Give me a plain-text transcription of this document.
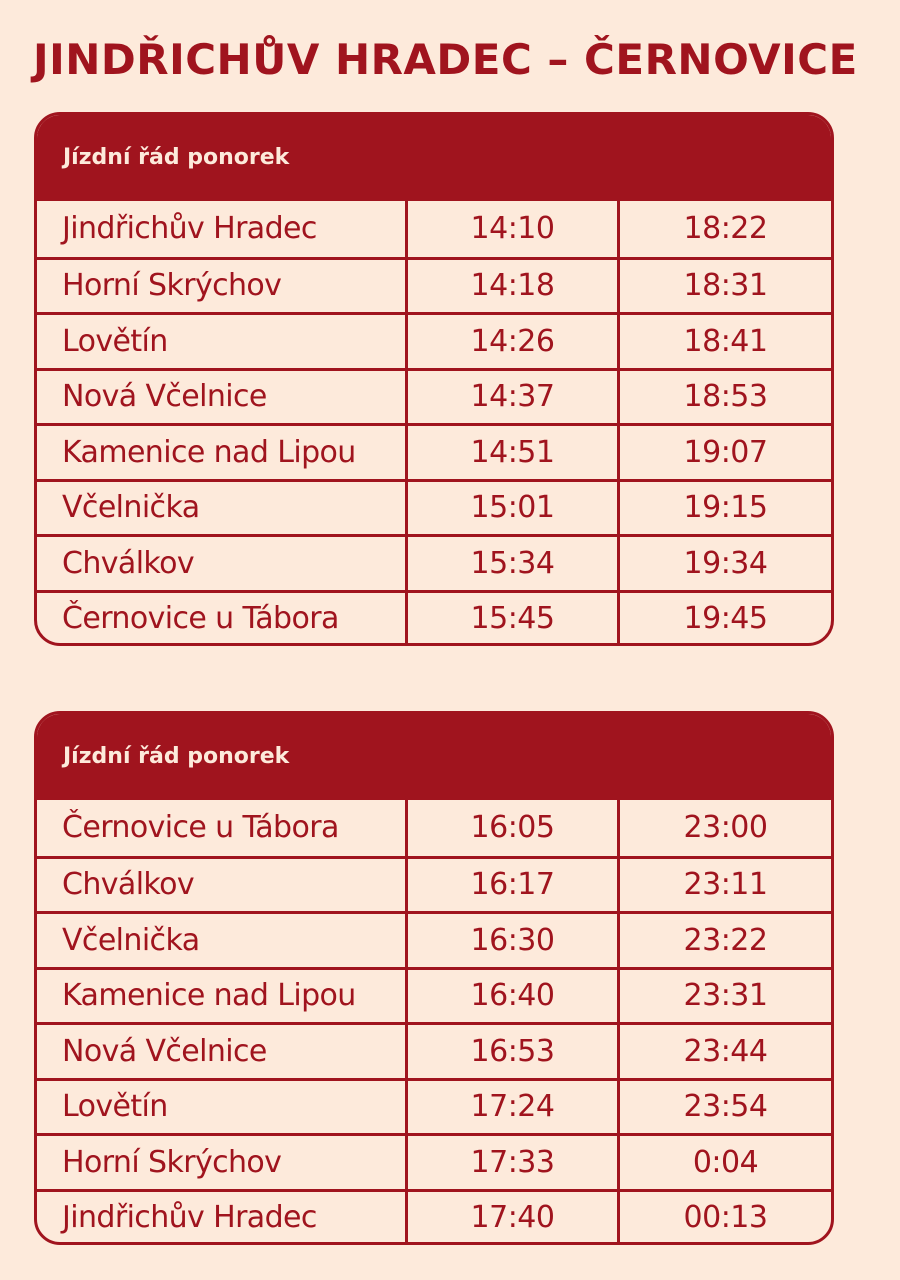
JINDŘICHŮV HRADEC – ČERNOVICE
Jízdní řád ponorek
Jindřichův Hradec	14:10	18:22
Horní Skrýchov	14:18	18:31
Lovětín	14:26	18:41
Nová Včelnice	14:37	18:53
Kamenice nad Lipou	14:51	19:07
Včelnička	15:01	19:15
Chválkov	15:34	19:34
Černovice u Tábora	15:45	19:45
Jízdní řád ponorek
Černovice u Tábora	16:05	23:00
Chválkov	16:17	23:11
Včelnička	16:30	23:22
Kamenice nad Lipou	16:40	23:31
Nová Včelnice	16:53	23:44
Lovětín	17:24	23:54
Horní Skrýchov	17:33	0:04
Jindřichův Hradec	17:40	00:13
